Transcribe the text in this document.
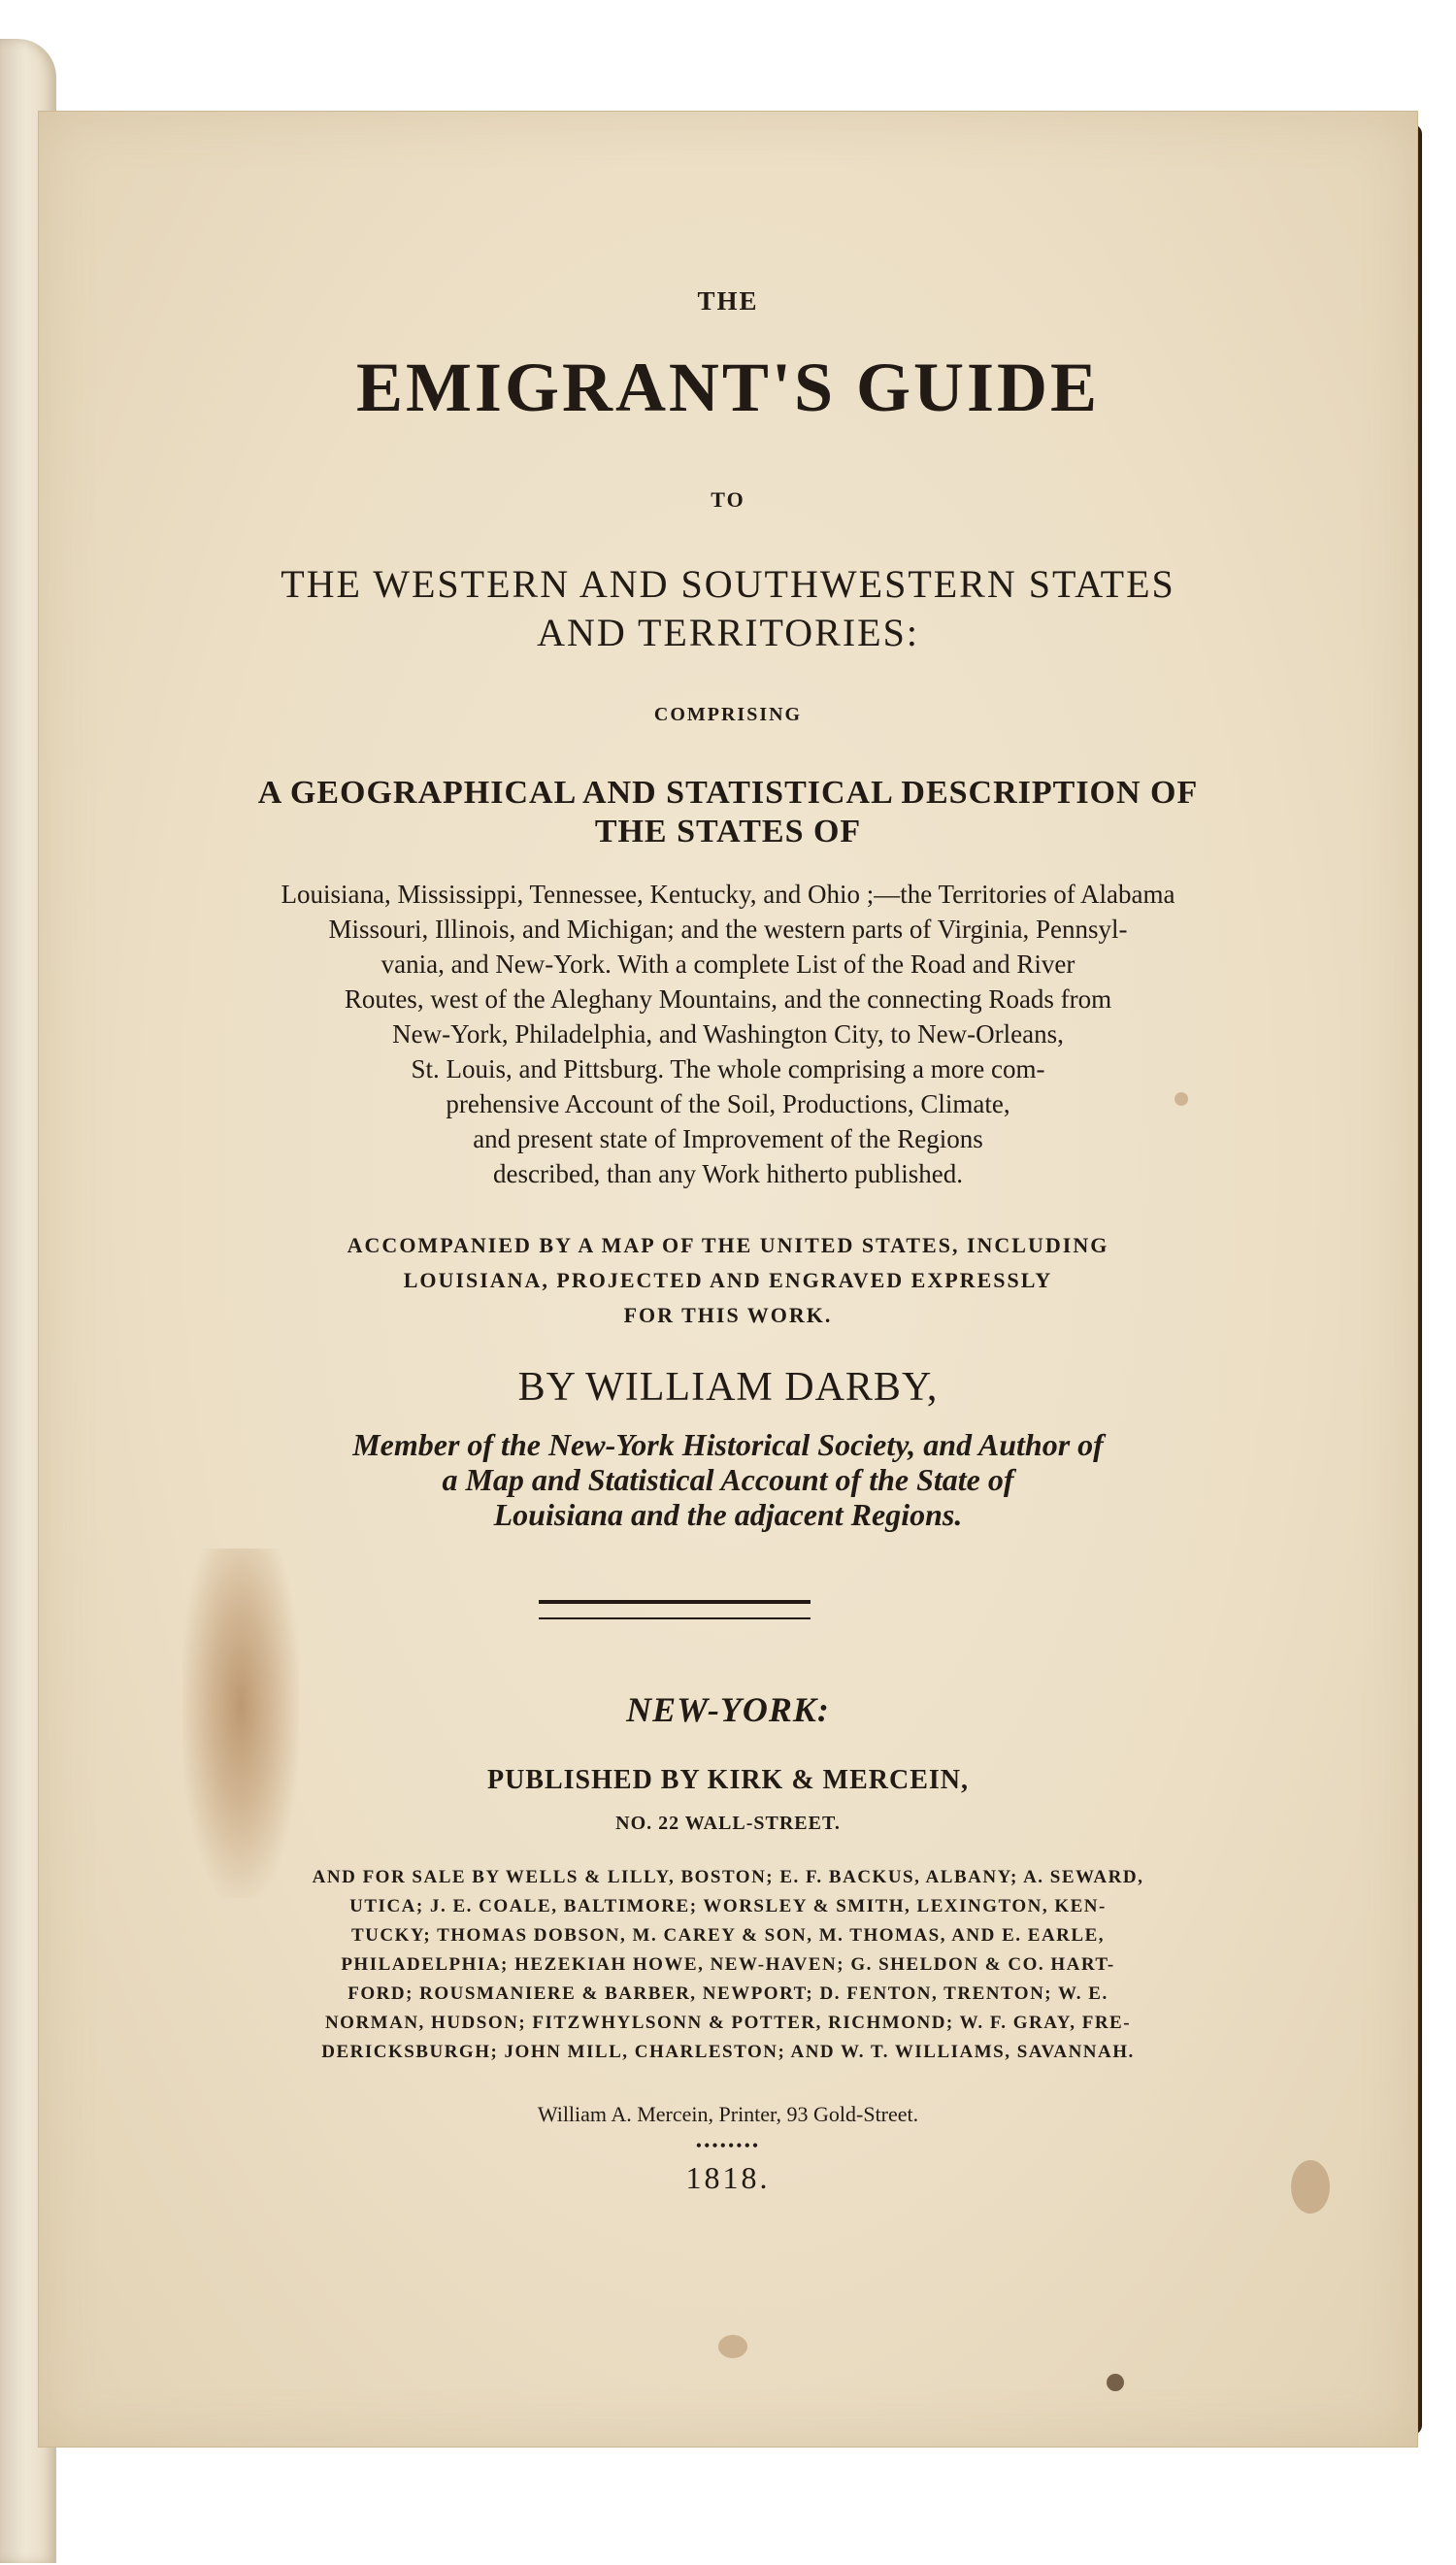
THE
EMIGRANT'S GUIDE
TO
THE WESTERN AND SOUTHWESTERN STATES
AND TERRITORIES:
COMPRISING
A GEOGRAPHICAL AND STATISTICAL DESCRIPTION OF
THE STATES OF
Louisiana, Mississippi, Tennessee, Kentucky, and Ohio ;—the Territories of Alabama
Missouri, Illinois, and Michigan; and the western parts of Virginia, Pennsyl-
vania, and New-York. With a complete List of the Road and River
Routes, west of the Aleghany Mountains, and the connecting Roads from
New-York, Philadelphia, and Washington City, to New-Orleans,
St. Louis, and Pittsburg. The whole comprising a more com-
prehensive Account of the Soil, Productions, Climate,
and present state of Improvement of the Regions
described, than any Work hitherto published.
ACCOMPANIED BY A MAP OF THE UNITED STATES, INCLUDING
LOUISIANA, PROJECTED AND ENGRAVED EXPRESSLY
FOR THIS WORK.
BY WILLIAM DARBY,
Member of the New-York Historical Society, and Author of
a Map and Statistical Account of the State of
Louisiana and the adjacent Regions.
NEW-YORK:
PUBLISHED BY KIRK & MERCEIN,
NO. 22 WALL-STREET.
AND FOR SALE BY WELLS & LILLY, BOSTON; E. F. BACKUS, ALBANY; A. SEWARD,
UTICA; J. E. COALE, BALTIMORE; WORSLEY & SMITH, LEXINGTON, KEN-
TUCKY; THOMAS DOBSON, M. CAREY & SON, M. THOMAS, AND E. EARLE,
PHILADELPHIA; HEZEKIAH HOWE, NEW-HAVEN; G. SHELDON & CO. HART-
FORD; ROUSMANIERE & BARBER, NEWPORT; D. FENTON, TRENTON; W. E.
NORMAN, HUDSON; FITZWHYLSONN & POTTER, RICHMOND; W. F. GRAY, FRE-
DERICKSBURGH; JOHN MILL, CHARLESTON; AND W. T. WILLIAMS, SAVANNAH.
William A. Mercein, Printer, 93 Gold-Street.
••••••••
1818.
